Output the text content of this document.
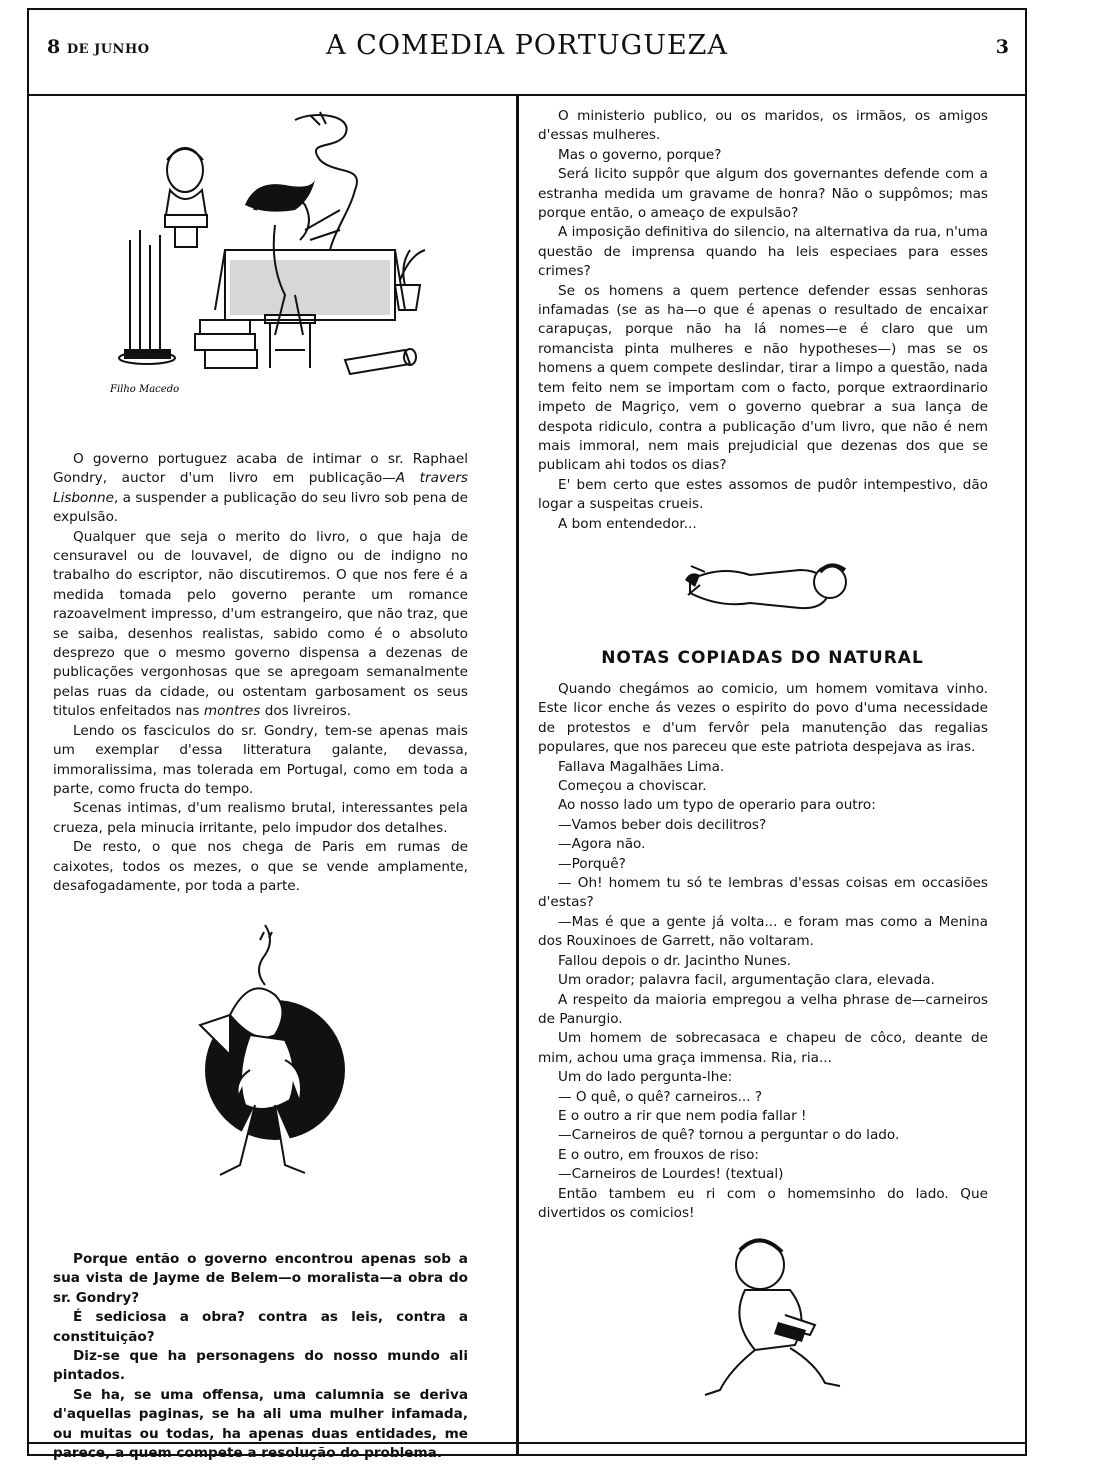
8 DE JUNHO	A COMEDIA PORTUGUEZA	3
Filho Macedo

O governo portuguez acaba de intimar o sr. Raphael Gondry, auctor d'um livro em publicação—A travers Lisbonne, a suspender a publicação do seu livro sob pena de expulsão.

Qualquer que seja o merito do livro, o que haja de censuravel ou de louvavel, de digno ou de indigno no trabalho do escriptor, não discutiremos. O que nos fere é a medida tomada pelo governo perante um romance razoavelment impresso, d'um estrangeiro, que não traz, que se saiba, desenhos realistas, sabido como é o absoluto desprezo que o mesmo governo dispensa a dezenas de publicações vergonhosas que se apregoam semanalmente pelas ruas da cidade, ou ostentam garbosament os seus titulos enfeitados nas montres dos livreiros.

Lendo os fasciculos do sr. Gondry, tem-se apenas mais um exemplar d'essa litteratura galante, devassa, immoralissima, mas tolerada em Portugal, como em toda a parte, como fructa do tempo.

Scenas intimas, d'um realismo brutal, interessantes pela crueza, pela minucia irritante, pelo impudor dos detalhes.

De resto, o que nos chega de Paris em rumas de caixotes, todos os mezes, o que se vende amplamente, desafogadamente, por toda a parte.

Porque então o governo encontrou apenas sob a sua vista de Jayme de Belem—o moralista—a obra do sr. Gondry?

É sediciosa a obra? contra as leis, contra a constituição?

Diz-se que ha personagens do nosso mundo ali pintados.

Se ha, se uma offensa, uma calumnia se deriva d'aquellas paginas, se ha ali uma mulher infamada, ou muitas ou todas, ha apenas duas entidades, me parece, a quem compete a resolução do problema.

O ministerio publico, ou os maridos, os irmãos, os amigos d'essas mulheres.

Mas o governo, porque?

Será licito suppôr que algum dos governantes defende com a estranha medida um gravame de honra? Não o suppômos; mas porque então, o ameaço de expulsão?

A imposição definitiva do silencio, na alternativa da rua, n'uma questão de imprensa quando ha leis especiaes para esses crimes?

Se os homens a quem pertence defender essas senhoras infamadas (se as ha—o que é apenas o resultado de encaixar carapuças, porque não ha lá nomes—e é claro que um romancista pinta mulheres e não hypotheses—) mas se os homens a quem compete deslindar, tirar a limpo a questão, nada tem feito nem se importam com o facto, porque extraordinario impeto de Magriço, vem o governo quebrar a sua lança de despota ridiculo, contra a publicação d'um livro, que não é nem mais immoral, nem mais prejudicial que dezenas dos que se publicam ahi todos os dias?

E' bem certo que estes assomos de pudôr intempestivo, dão logar a suspeitas crueis.

A bom entendedor...

NOTAS COPIADAS DO NATURAL

Quando chegámos ao comicio, um homem vomitava vinho. Este licor enche ás vezes o espirito do povo d'uma necessidade de protestos e d'um fervôr pela manutenção das regalias populares, que nos pareceu que este patriota despejava as iras.

Fallava Magalhães Lima.

Começou a choviscar.

Ao nosso lado um typo de operario para outro:

—Vamos beber dois decilitros?

—Agora não.

—Porquê?

— Oh! homem tu só te lembras d'essas coisas em occasiões d'estas?

—Mas é que a gente já volta... e foram mas como a Menina dos Rouxinoes de Garrett, não voltaram.

Fallou depois o dr. Jacintho Nunes.

Um orador; palavra facil, argumentação clara, elevada.

A respeito da maioria empregou a velha phrase de—carneiros de Panurgio.

Um homem de sobrecasaca e chapeu de côco, deante de mim, achou uma graça immensa. Ria, ria...

Um do lado pergunta-lhe:

— O quê, o quê? carneiros... ?

E o outro a rir que nem podia fallar !

—Carneiros de quê? tornou a perguntar o do lado.

E o outro, em frouxos de riso:

—Carneiros de Lourdes! (textual)

Então tambem eu ri com o homemsinho do lado. Que divertidos os comicios!
